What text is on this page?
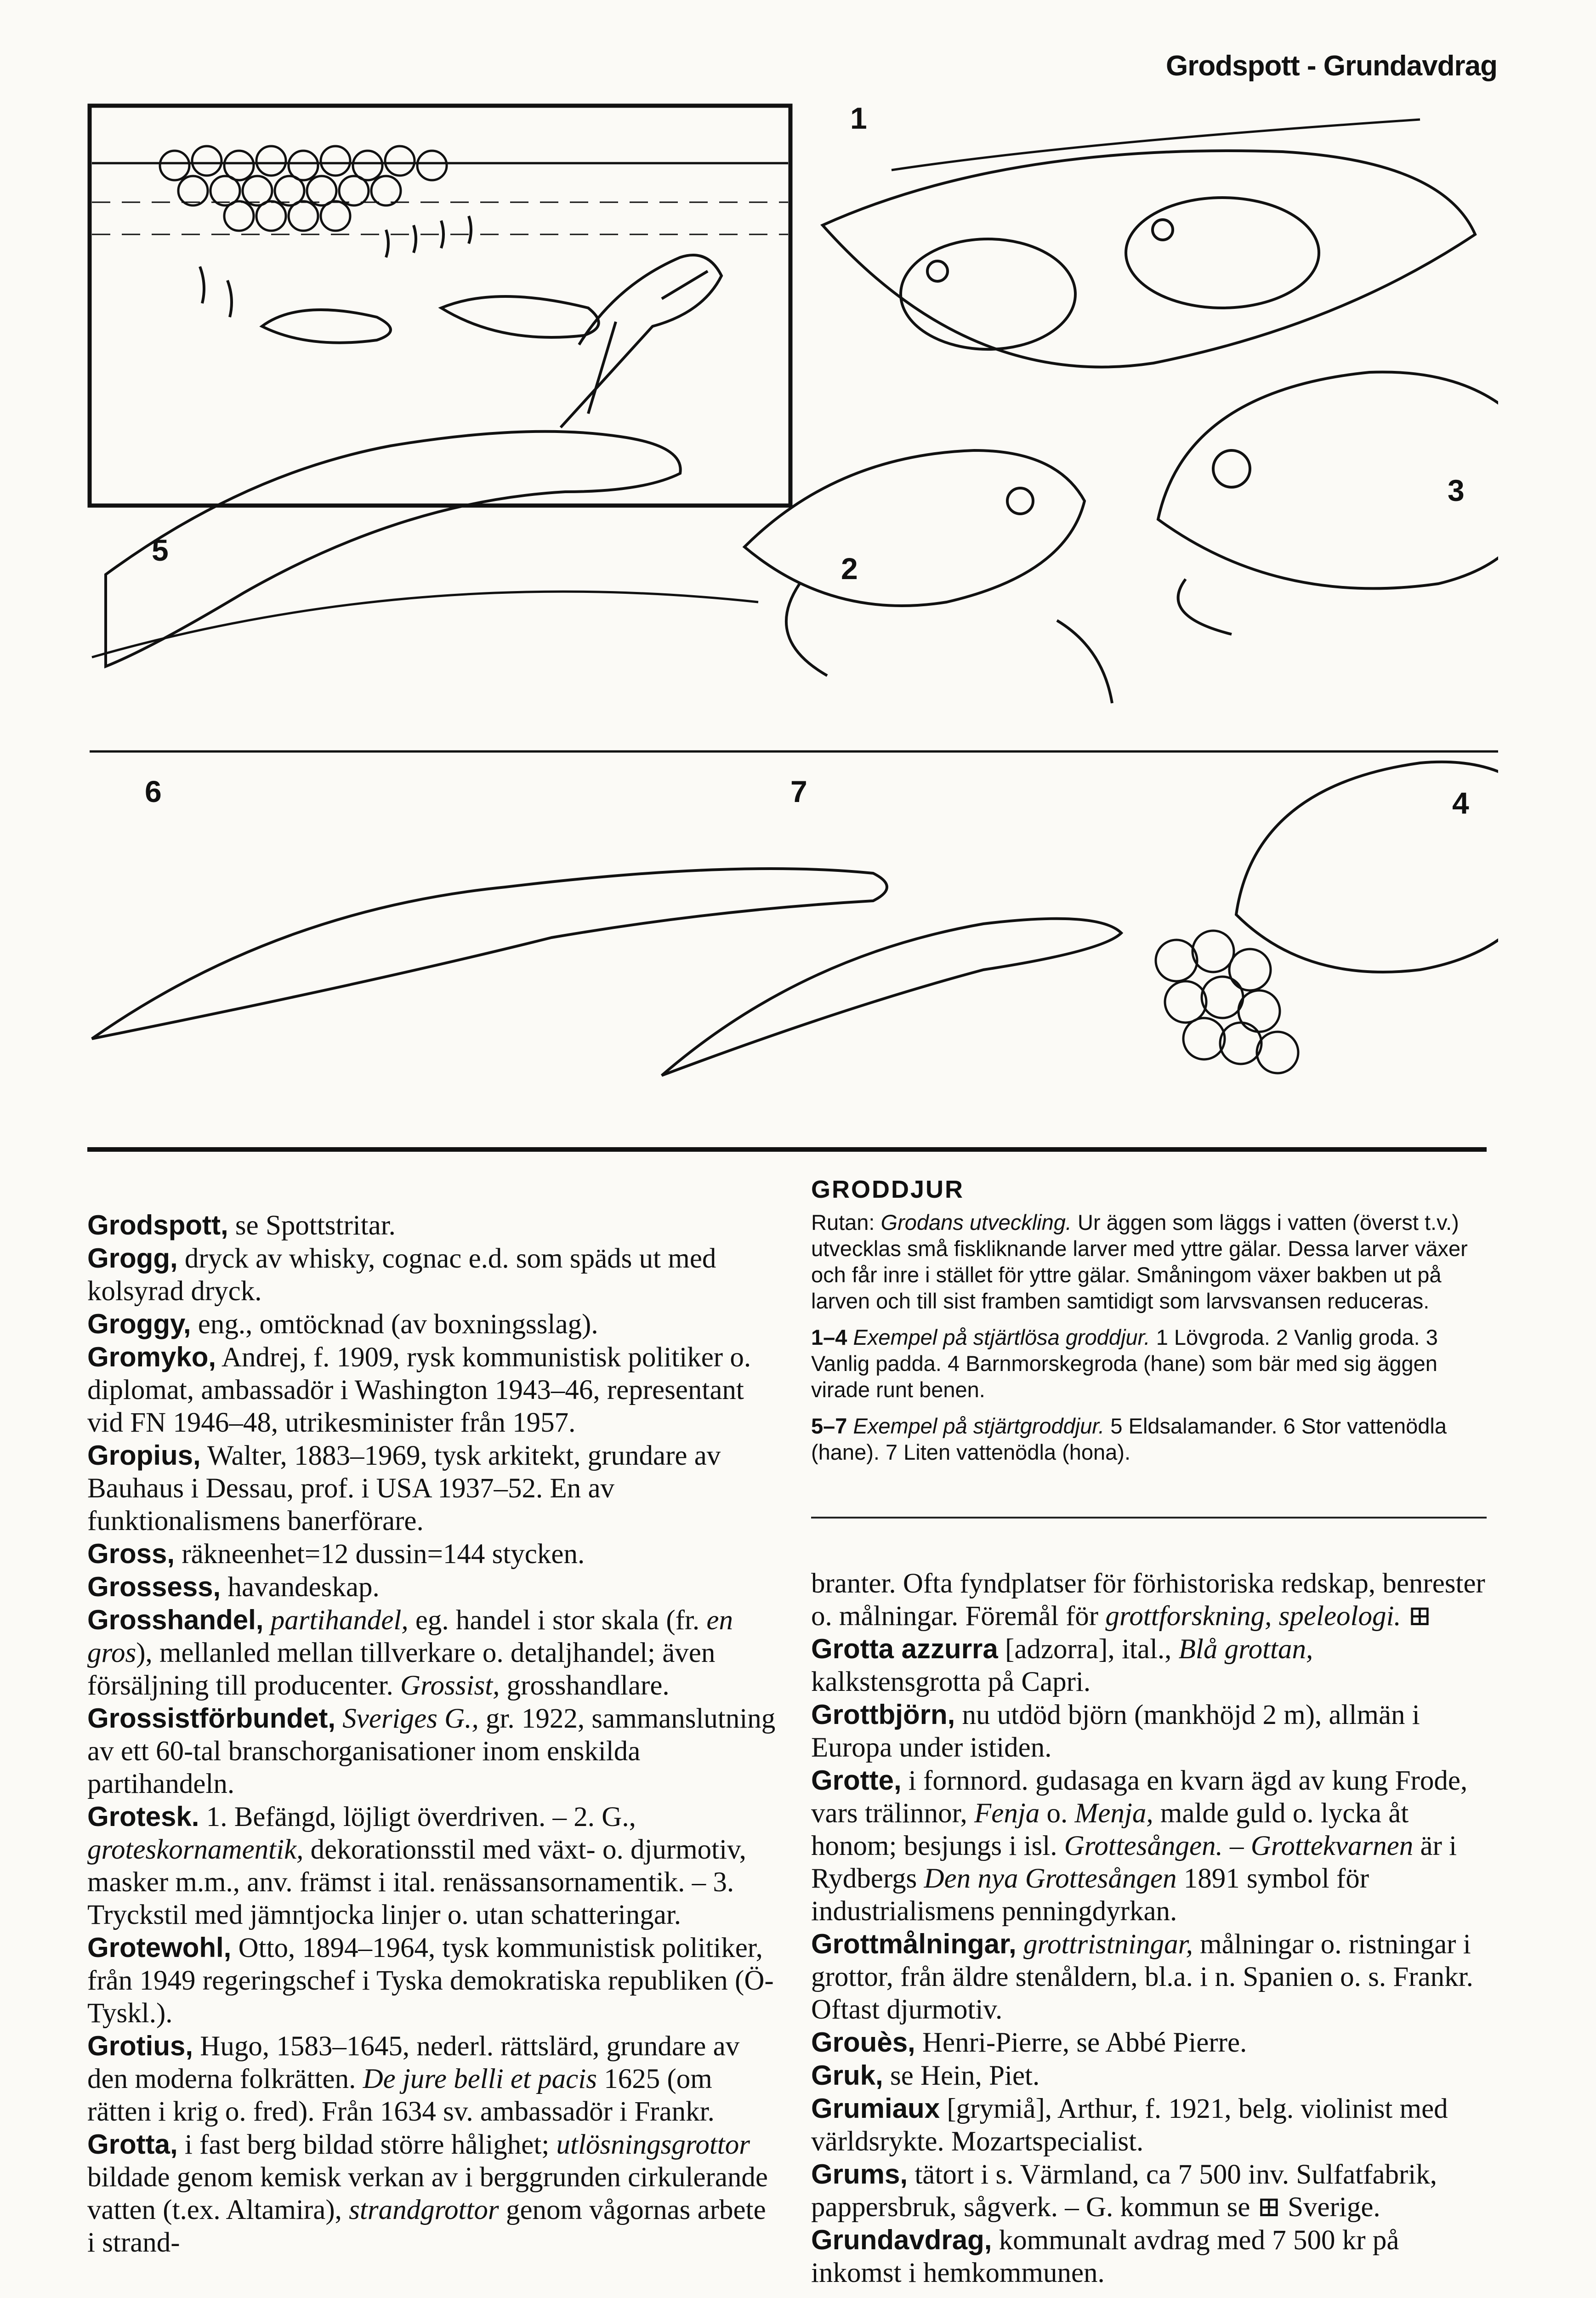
Grodspott - Grundavdrag
1
2
3
4
5
6	7
GRODDJUR

Rutan: Grodans utveckling. Ur äggen som läggs i vatten (överst t.v.) utvecklas små fiskliknande larver med yttre gälar. Dessa larver växer och får inre i stället för yttre gälar. Småningom växer bakben ut på larven och till sist framben samtidigt som larvsvansen reduceras.

1–4 Exempel på stjärtlösa groddjur. 1 Lövgroda. 2 Vanlig groda. 3 Vanlig padda. 4 Barnmorskegroda (hane) som bär med sig äggen virade runt benen.

5–7 Exempel på stjärtgroddjur. 5 Eldsalamander. 6 Stor vattenödla (hane). 7 Liten vattenödla (hona).

Grodspott, se Spottstritar.

Grogg, dryck av whisky, cognac e.d. som späds ut med kolsyrad dryck.

Groggy, eng., omtöcknad (av boxningsslag).

Gromyko, Andrej, f. 1909, rysk kommunistisk politiker o. diplomat, ambassadör i Washington 1943–46, representant vid FN 1946–48, utrikesminister från 1957.

Gropius, Walter, 1883–1969, tysk arkitekt, grundare av Bauhaus i Dessau, prof. i USA 1937–52. En av funktionalismens banerförare.

Gross, räkneenhet=12 dussin=144 stycken.

Grossess, havandeskap.

Grosshandel, partihandel, eg. handel i stor skala (fr. en gros), mellanled mellan tillverkare o. detaljhandel; även försäljning till producenter. Grossist, grosshandlare.

Grossistförbundet, Sveriges G., gr. 1922, sammanslutning av ett 60-tal branschorganisationer inom enskilda partihandeln.

Grotesk. 1. Befängd, löjligt överdriven. – 2. G., groteskornamentik, dekorationsstil med växt- o. djurmotiv, masker m.m., anv. främst i ital. renässansornamentik. – 3. Tryckstil med jämntjocka linjer o. utan schatteringar.

Grotewohl, Otto, 1894–1964, tysk kommunistisk politiker, från 1949 regeringschef i Tyska demokratiska republiken (Ö-Tyskl.).

Grotius, Hugo, 1583–1645, nederl. rättslärd, grundare av den moderna folkrätten. De jure belli et pacis 1625 (om rätten i krig o. fred). Från 1634 sv. ambassadör i Frankr.

Grotta, i fast berg bildad större hålighet; utlösningsgrottor bildade genom kemisk verkan av i berggrunden cirkulerande vatten (t.ex. Altamira), strandgrottor genom vågornas arbete i strand-

branter. Ofta fyndplatser för förhistoriska redskap, benrester o. målningar. Föremål för grottforskning, speleologi. ⊞

Grotta azzurra [adzorra], ital., Blå grottan, kalkstensgrotta på Capri.

Grottbjörn, nu utdöd björn (mankhöjd 2 m), allmän i Europa under istiden.

Grotte, i fornnord. gudasaga en kvarn ägd av kung Frode, vars trälinnor, Fenja o. Menja, malde guld o. lycka åt honom; besjungs i isl. Grottesången. – Grottekvarnen är i Rydbergs Den nya Grottesången 1891 symbol för industrialismens penningdyrkan.

Grottmålningar, grottristningar, målningar o. ristningar i grottor, från äldre stenåldern, bl.a. i n. Spanien o. s. Frankr. Oftast djurmotiv.

Grouès, Henri-Pierre, se Abbé Pierre.

Gruk, se Hein, Piet.

Grumiaux [grymiå], Arthur, f. 1921, belg. violinist med världsrykte. Mozartspecialist.

Grums, tätort i s. Värmland, ca 7 500 inv. Sulfatfabrik, pappersbruk, sågverk. – G. kommun se ⊞ Sverige.

Grundavdrag, kommunalt avdrag med 7 500 kr på inkomst i hemkommunen.
